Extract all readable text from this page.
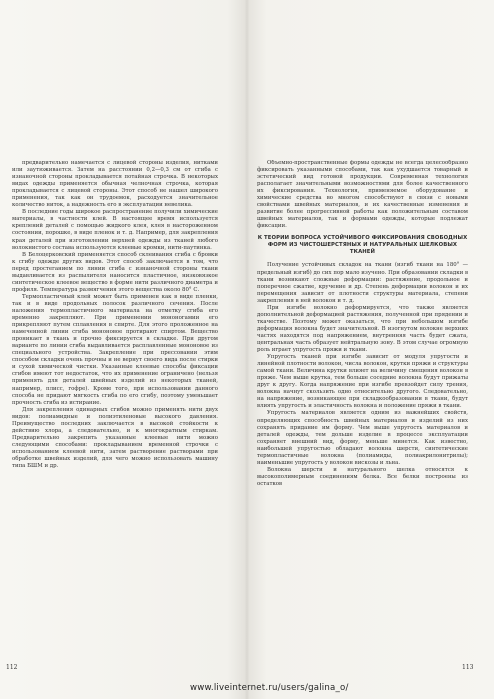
предварительно намечается с лицевой стороны изделия, нитками или заутюживается. Затем на расстоянии 0,2—0,3 см от сгиба с изнаночной стороны прокладывается потайная строчка. В некоторых видах одежды применяется обычная челночная строчка, которая прокладывается с лицевой стороны. Этот способ не нашел широкого применения, так как он трудоемок, расходуется значительное количество ниток, а надежность его в эксплуатации невелика.

В последние годы широкое распространение получили химические материалы, в частности клей. В настоящее время используется креплений деталей с помощью жидкого клея, клея в настороженном состоянии, порошке, в виде пленок и т. д. Например, для закрепления края деталей при изготовлении верхней одежды из тканей любого волокнистого состава используются клеевые кромки, нити-паутинка.

В Белоцерковский применяется способ склеивания сгиба с бровки к сгибу одежде других видов. Этот способ заключается в том, что перед простеганием по линии сгиба с изнаночной стороны ткани выдавливается из распылителя наносится пластичное, низковязкое синтетическое клеевое вещество в форме нити различного диаметра и профиля. Температура размягчения этого вещества около 80° С.

Термопластичный клей может быть применен как в виде пленки, так и в виде продольных полосок различного сечения. После наложения термопластичного материала на отметку сгиба его временно закрепляют. При применении мононогамии его прикрепляют путем сплавления в спирте. Для этого проложенное на намеченной линии сгиба мононовое протирают спиртом. Вещество проникает в ткань и прочно фиксируется в складке. При другом варианте по линии сгиба выдавливается расплавленные мононовое из специального устройства. Закрепление при прессовании этим способом складки очень прочны и не вернут своего вида после стирки и сухой химической чистки. Указанные клеевые способы фиксации сгибов имеют тот недостаток, что их применение ограничено (нельзя применять для деталей швейных изделий из некоторых тканей, например, плисс, гофре). Кроме того, при использовании данного способа не придают мягкость сгиба по его сгибу, поэтому уменьшает прочность сгиба из истирание.

Для закрепления одинарных сгибов можно применять нити двух видов: полиамидные и полиэтиленовые высокого давления. Преимущество последних заключается в высокой стойкости к действию хлора, а следовательно, и к многократным стиркам. Предварительно закрепить указанные клеевые нити можно следующими способами: прокладыванием временной строчки с использованием клеевой нити, затем растворение растворами при обработке швейных изделий, для чего можно использовать машину типа БШМ и др.

Объемно-пространственные формы одежды не всегда целесообразно фиксировать указанными способами, так как ухудшается товарный и эстетический вид готовой продукции. Современная технология располагает значительными возможностями для более качественного их фиксирования. Технология, применяемое оборудование и химические средства во многом способствуют в связи с новыми свойствами швейных материалов, и их качественные изменения и развитие более прогрессивной работы как положительным составом швейных материалов, так и формами одежды, которые подлежат фиксации.

К ТЕОРИИ ВОПРОСА УСТОЙЧИВОГО ФИКСИРОВАНИЯ СВОБОДНЫХ ФОРМ ИЗ ЧИСТОШЕРСТЯНЫХ И НАТУРАЛЬНЫХ ШЕЛКОВЫХ ТКАНЕЙ

Получение устойчивых складок на ткани (изгиб ткани на 180° — предельный изгиб) до сих пор мало изучено. При образовании складки в ткани возникают сложные деформации: растяжение, продольное и поперечное сжатие, кручение и др. Степень деформации волокон и их перемещения зависит от плотности структуры материала, степени закрепления в ней волокон и т. д.

При изгибе волокно деформируется, что также является дополнительной деформацией растяжения, полученной при прядении и ткачестве. Поэтому может оказаться, что при небольшом изгибе деформация волокна будет значительной. В изогнутом волокне верхних частях находятся под напряжением, внутренняя часть будет сжата, центральная часть образует нейтральную зону. В этом случае огромную роль играет упругость пряжи и ткани.

Упругость тканей при изгибе зависит от модуля упругости и линейной плотности волокон, числа волокон, крутки пряжи и структуры самой ткани. Величина крутки влияет на величину смещения волокон в пряже. Чем выше крутка, тем больше соседние волокна будут прижаты друг к другу. Когда напряжение при изгибе превзойдет силу трения, волокна начнут скользить одно относительно другого. Следовательно, на напряжение, возникающее при складкообразовании в ткани, будут влиять упругость и эластичность волокна и положение пряжи в ткани.

Упругость материалов является одним из важнейших свойств, определяющих способность швейных материалов и изделий из них сохранять придание им форму. Чем выше упругость материалов и деталей одежды, тем дольше изделие в процессе эксплуатации сохраняет внешний вид, форму, меньше минется. Как известно, наибольшей упругостью обладают волокна шерсти, синтетические термопластичные волокна (полиамиды, полиакрилонитрилы); наименьшие упругость у волокон вискозы и льна.

Волокна шерсти и натурального шелка относятся к высокополимерным соединениям белка. Все белки построены из остатков

112	113
www.liveinternet.ru/users/galina_o/
